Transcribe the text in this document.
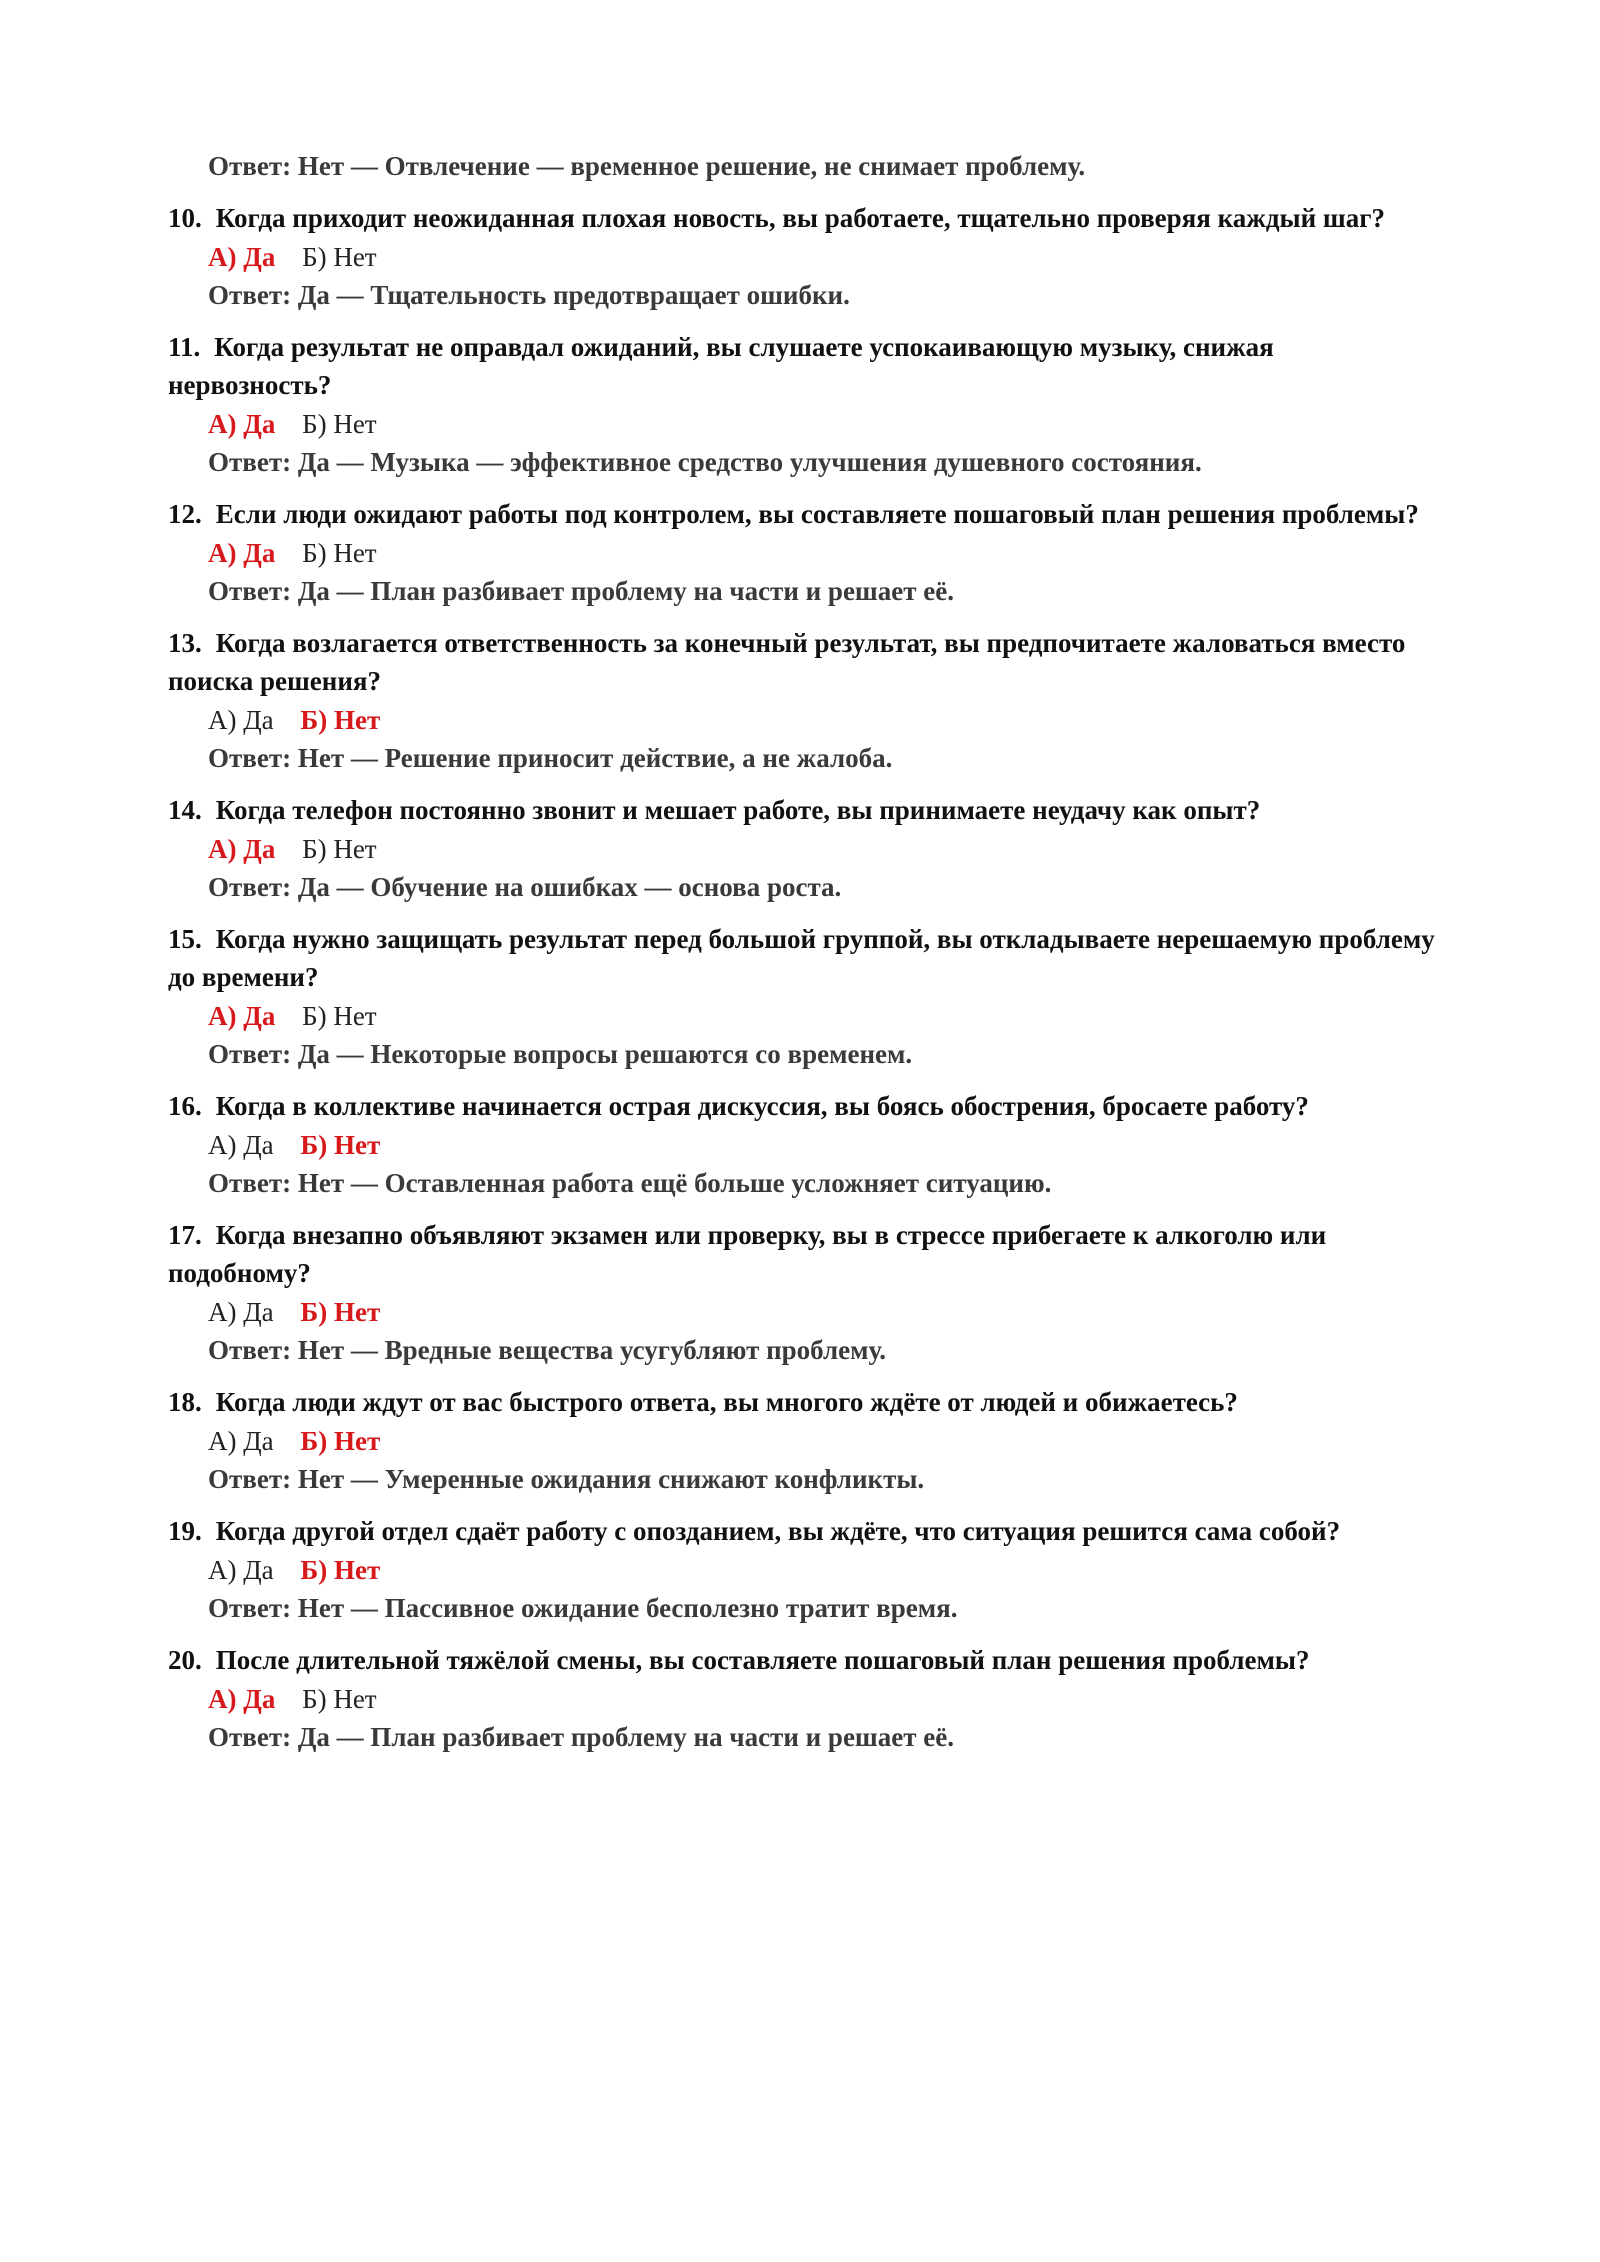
Ответ: Нет — Отвлечение — временное решение, не снимает проблему.
10. Когда приходит неожиданная плохая новость, вы работаете, тщательно проверяя каждый шаг?
А) Да Б) Нет
Ответ: Да — Тщательность предотвращает ошибки.
11. Когда результат не оправдал ожиданий, вы слушаете успокаивающую музыку, снижая нервозность?
А) Да Б) Нет
Ответ: Да — Музыка — эффективное средство улучшения душевного состояния.
12. Если люди ожидают работы под контролем, вы составляете пошаговый план решения проблемы?
А) Да Б) Нет
Ответ: Да — План разбивает проблему на части и решает её.
13. Когда возлагается ответственность за конечный результат, вы предпочитаете жаловаться вместо поиска решения?
А) Да Б) Нет
Ответ: Нет — Решение приносит действие, а не жалоба.
14. Когда телефон постоянно звонит и мешает работе, вы принимаете неудачу как опыт?
А) Да Б) Нет
Ответ: Да — Обучение на ошибках — основа роста.
15. Когда нужно защищать результат перед большой группой, вы откладываете нерешаемую проблему до времени?
А) Да Б) Нет
Ответ: Да — Некоторые вопросы решаются со временем.
16. Когда в коллективе начинается острая дискуссия, вы боясь обострения, бросаете работу?
А) Да Б) Нет
Ответ: Нет — Оставленная работа ещё больше усложняет ситуацию.
17. Когда внезапно объявляют экзамен или проверку, вы в стрессе прибегаете к алкоголю или подобному?
А) Да Б) Нет
Ответ: Нет — Вредные вещества усугубляют проблему.
18. Когда люди ждут от вас быстрого ответа, вы многого ждёте от людей и обижаетесь?
А) Да Б) Нет
Ответ: Нет — Умеренные ожидания снижают конфликты.
19. Когда другой отдел сдаёт работу с опозданием, вы ждёте, что ситуация решится сама собой?
А) Да Б) Нет
Ответ: Нет — Пассивное ожидание бесполезно тратит время.
20. После длительной тяжёлой смены, вы составляете пошаговый план решения проблемы?
А) Да Б) Нет
Ответ: Да — План разбивает проблему на части и решает её.
